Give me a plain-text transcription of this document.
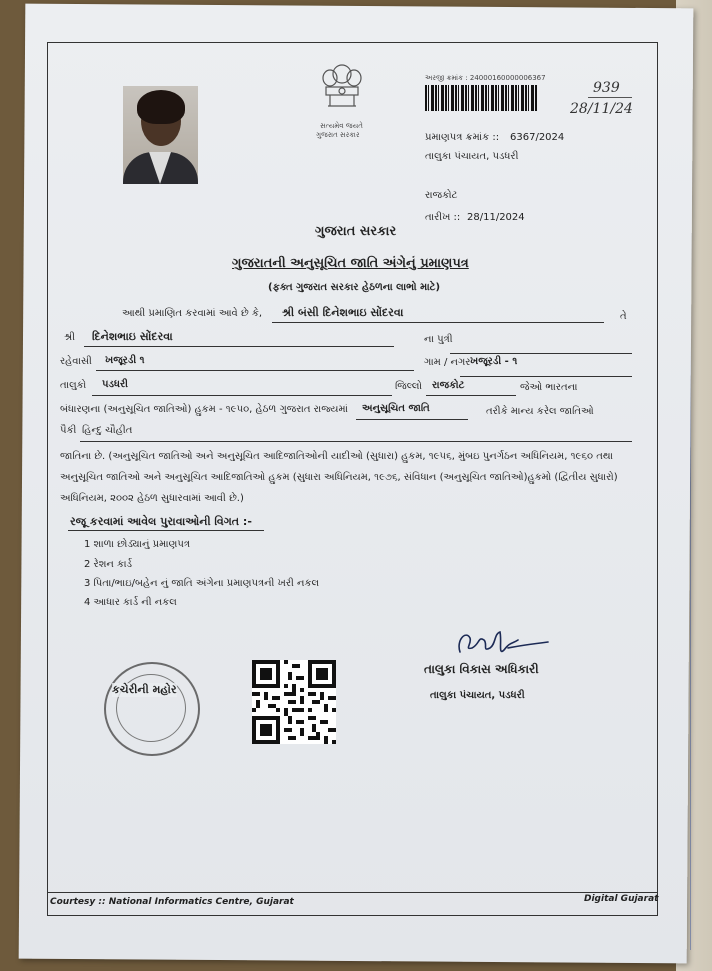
સત્યમેવ જયતે
ગુજરાત સરકાર
અરજી ક્રમાંક : 24000160000006367
939
28/11/24
પ્રમાણપત્ર ક્રમાંક :: 6367/2024
તાલુકા પંચાયત, પડધરી
રાજકોટ
તારીખ :: 28/11/2024
ગુજરાત સરકાર
ગુજરાતની અનુસૂચિત જાતિ અંગેનું પ્રમાણપત્ર
(ફક્ત ગુજરાત સરકાર હેઠળના લાભો માટે)
આથી પ્રમાણિત કરવામાં આવે છે કે, શ્રી બંસી દિનેશભાઇ સોંદરવા	તે
શ્રી દિનેશભાઇ સોંદરવા	ના પુત્રી
રહેવાસી ખજૂરડી ૧	ગામ / નગર ખજૂરડી - ૧
તાલુકો પડધરી	જિલ્લો રાજકોટ	જેઓ ભારતના
બંધારણના (અનુસૂચિત જાતિઓ) હુકમ - ૧૯૫૦, હેઠળ ગુજરાત રાજ્યમાં અનુસૂચિત જાતિ	તરીકે માન્ય કરેલ જાતિઓ
પૈકી હિન્દુ ચૌહીત
જાતિના છે. (અનુસૂચિત જાતિઓ અને અનુસૂચિત આદિજાતિઓની યાદીઓ (સુધારા) હુકમ, ૧૯૫૬, મુંબઇ પુનર્ગઠન અધિનિયમ, ૧૯૬૦ તથા
અનુસૂચિત જાતિઓ અને અનુસૂચિત આદિજાતિઓ હુકમ (સુધારા અધિનિયમ, ૧૯૭૬, સંવિધાન (અનુસૂચિત જાતિઓ)હુકમો (દ્વિતીય સુધારો)
અધિનિયમ, ૨૦૦૨ હેઠળ સુધારવામાં આવી છે.)
રજૂ કરવામાં આવેલ પુરાવાઓની વિગત :-
1 શાળા છોડ્યાનું પ્રમાણપત્ર
2 રેશન કાર્ડ
3 પિતા/ભાઇ/બહેન નું જાતિ અંગેના પ્રમાણપત્રની ખરી નકલ
4 આધાર કાર્ડ ની નકલ
કચેરીની મહોર
તાલુકા વિકાસ અધિકારી
તાલુકા પંચાયત, પડધરી
Courtesy :: National Informatics Centre, Gujarat	Digital Gujarat
